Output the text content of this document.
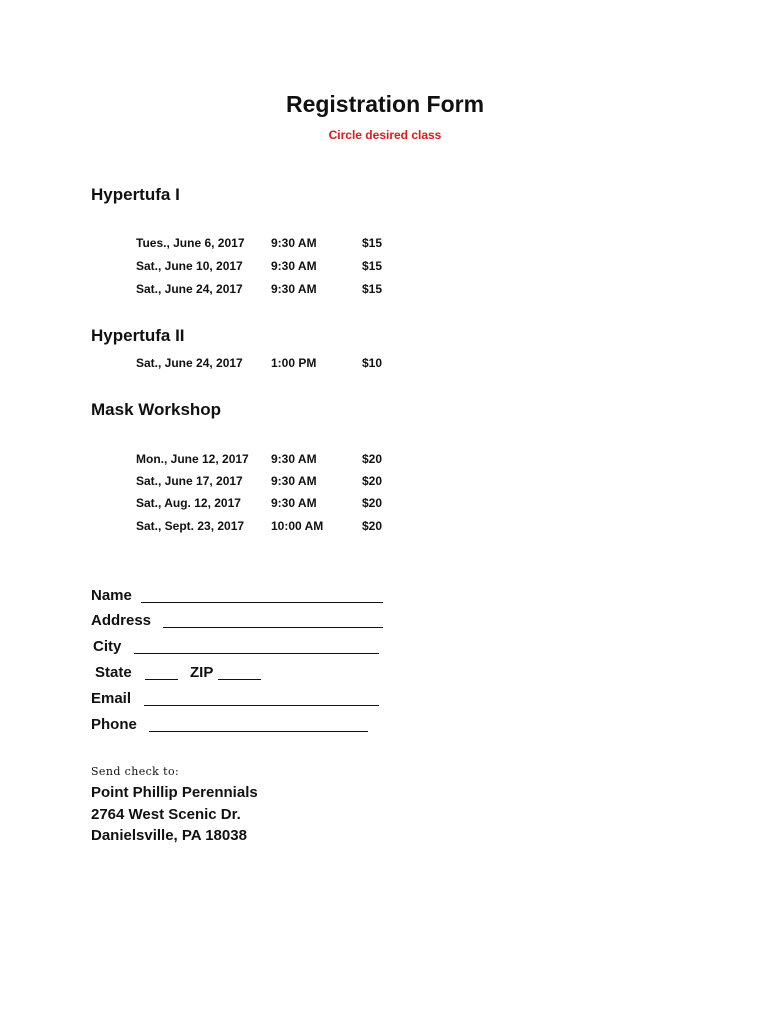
Registration Form
Circle desired class
Hypertufa I
Tues., June 6, 2017 9:30 AM	$15
Sat., June 10, 2017 9:30 AM	$15
Sat., June 24, 2017 9:30 AM	$15
Hypertufa II
Sat., June 24, 2017 1:00 PM	$10
Mask Workshop
Mon., June 12, 2017 9:30 AM	$20
Sat., June 17, 2017 9:30 AM	$20
Sat., Aug. 12, 2017	9:30 AM	$20
Sat., Sept. 23, 2017 10:00 AM	$20
Name
Address
City
State	ZIP
Email
Phone
Send check to:
Point Phillip Perennials
2764 West Scenic Dr.
Danielsville, PA 18038
